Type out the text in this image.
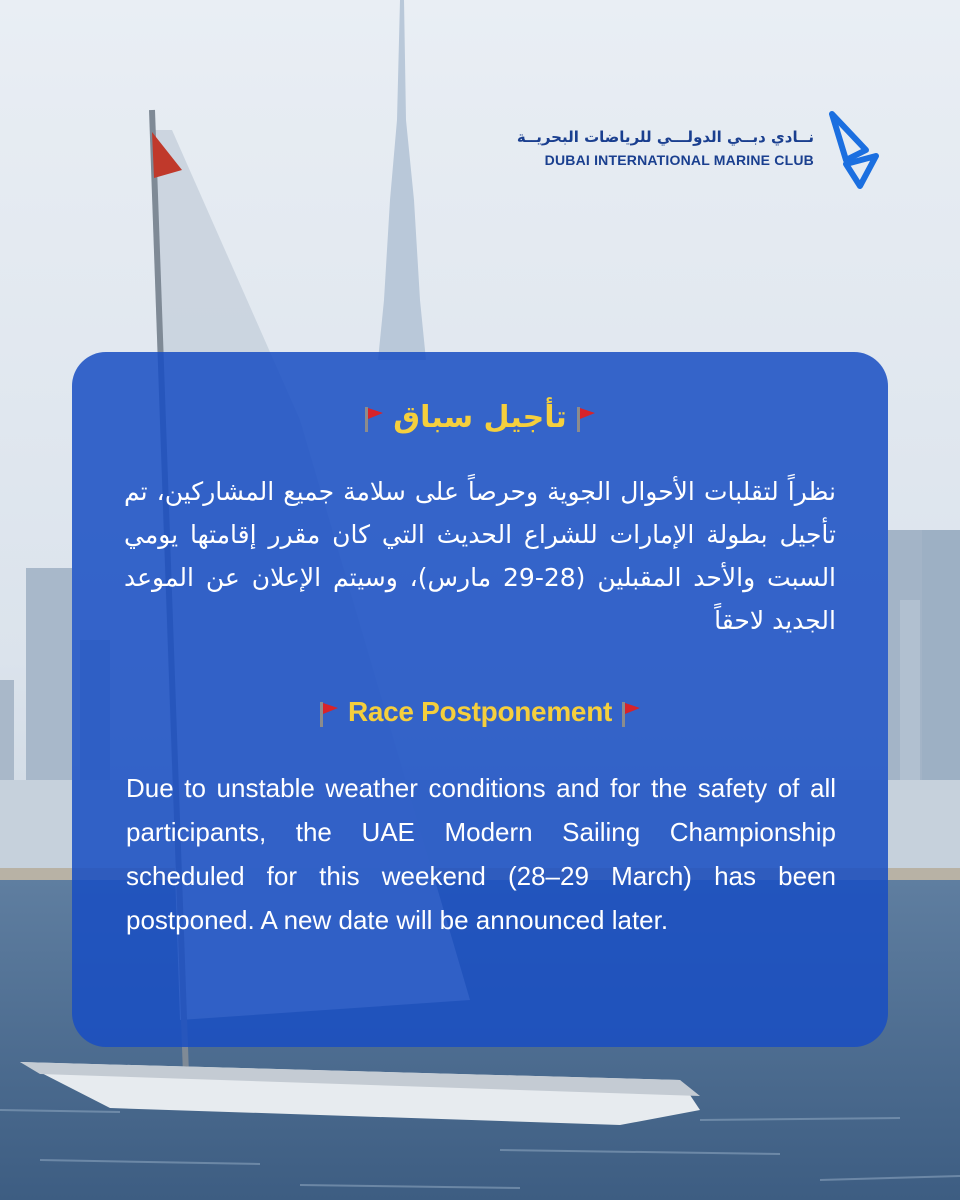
نــادي دبــي الدولـــي للرياضات البحريــة
DUBAI INTERNATIONAL MARINE CLUB
تأجيل سباق
نظراً لتقلبات الأحوال الجوية وحرصاً على سلامة جميع المشاركين، تم تأجيل بطولة الإمارات للشراع الحديث التي كان مقرر إقامتها يومي السبت والأحد المقبلين (28-29 مارس)، وسيتم الإعلان عن الموعد الجديد لاحقاً
Race Postponement
Due to unstable weather conditions and for the safety of all participants, the UAE Modern Sailing Championship scheduled for this weekend (28–29 March) has been postponed. A new date will be announced later.
